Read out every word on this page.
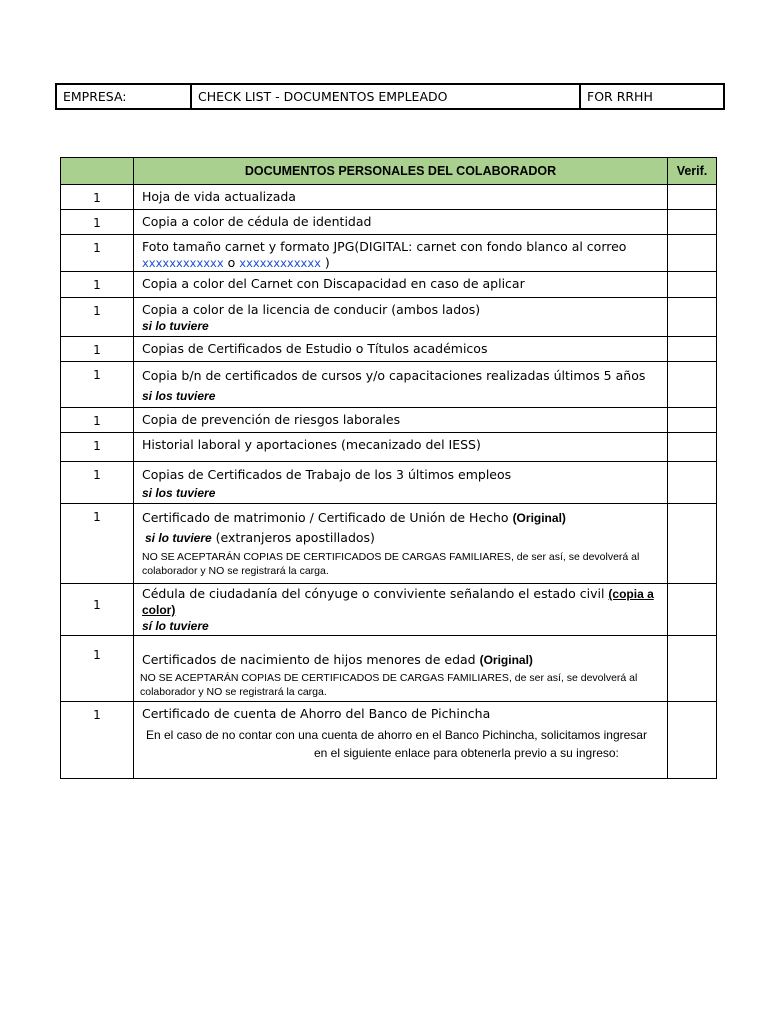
EMPRESA:	CHECK LIST - DOCUMENTOS EMPLEADO	FOR RRHH
	DOCUMENTOS PERSONALES DEL COLABORADOR	Verif.
1	Hoja de vida actualizada	
1	Copia a color de cédula de identidad	
1	Foto tamaño carnet y formato JPG(DIGITAL: carnet con fondo blanco al correo
xxxxxxxxxxxx o xxxxxxxxxxxx )	
1	Copia a color del Carnet con Discapacidad en caso de aplicar	
1	Copia a color de la licencia de conducir (ambos lados)
si lo tuviere	
1	Copias de Certificados de Estudio o Títulos académicos	
1	Copia b/n de certificados de cursos y/o capacitaciones realizadas últimos 5 años
si los tuviere	
1	Copia de prevención de riesgos laborales	
1	Historial laboral y aportaciones (mecanizado del IESS)	
1	Copias de Certificados de Trabajo de los 3 últimos empleos
si los tuviere	
1	Certificado de matrimonio / Certificado de Unión de Hecho (Original)
si lo tuviere (extranjeros apostillados)
NO SE ACEPTARÁN COPIAS DE CERTIFICADOS DE CARGAS FAMILIARES, de ser así, se devolverá al colaborador y NO se registrará la carga.	

1	Cédula de ciudadanía del cónyuge o conviviente señalando el estado civil (copia a color)
sí lo tuviere	
1	Certificados de nacimiento de hijos menores de edad (Original)
NO SE ACEPTARÁN COPIAS DE CERTIFICADOS DE CARGAS FAMILIARES, de ser así, se devolverá al colaborador y NO se registrará la carga.	

1	Certificado de cuenta de Ahorro del Banco de Pichincha
En el caso de no contar con una cuenta de ahorro en el Banco Pichincha, solicitamos ingresar
en el siguiente enlace para obtenerla previo a su ingreso:	
